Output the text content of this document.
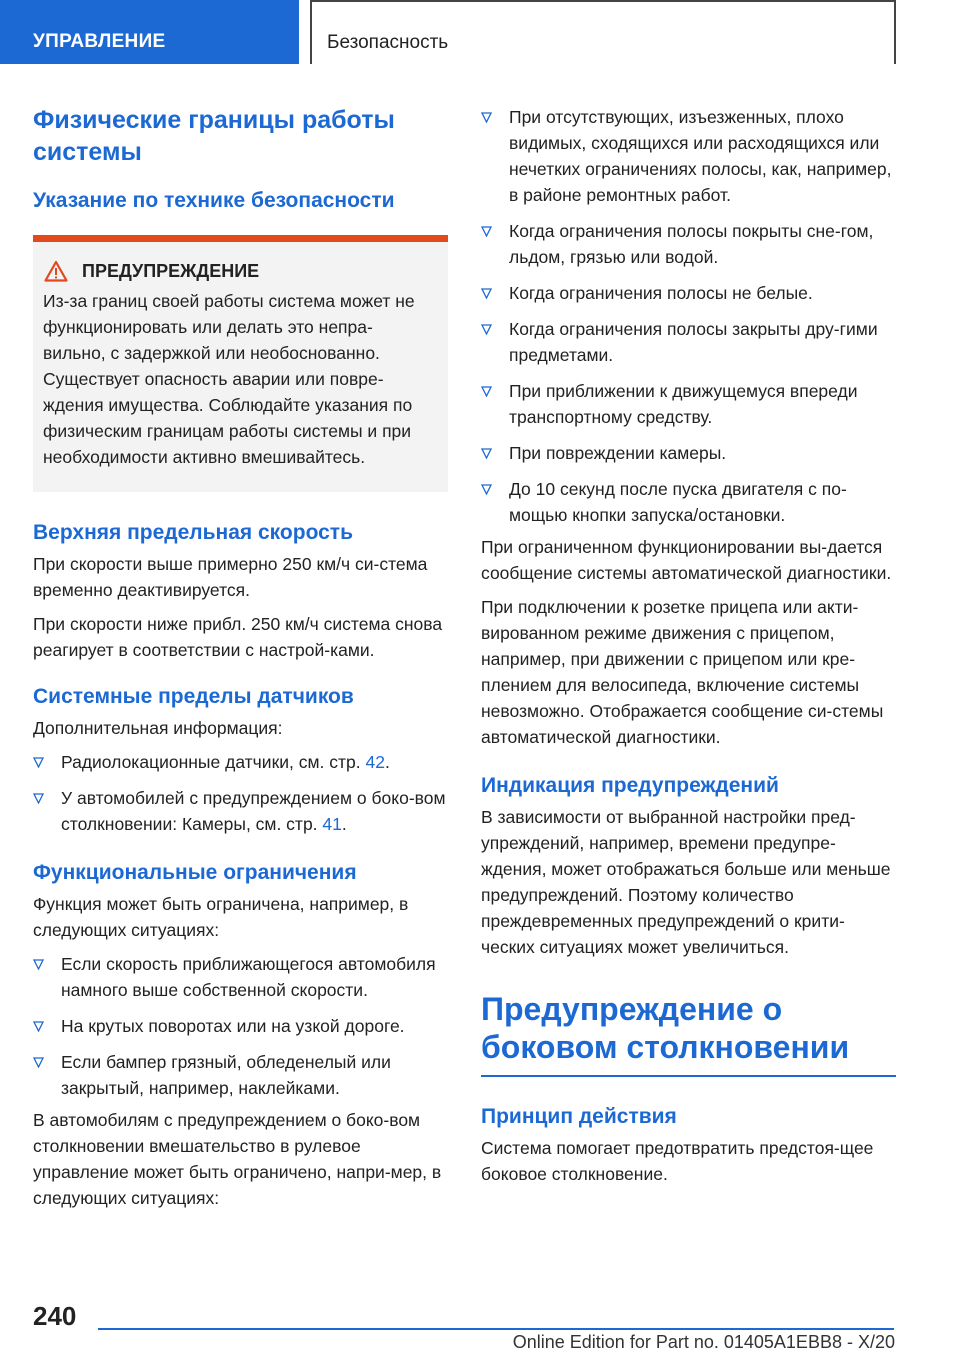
УПРАВЛЕНИЕ	Безопасность
Физические границы работы системы
Указание по технике безопасности
ПРЕДУПРЕЖДЕНИЕ

Из-за границ своей работы система может не функционировать или делать это непра-вильно, с задержкой или необоснованно. Существует опасность аварии или повре-ждения имущества. Соблюдайте указания по физическим границам работы системы и при необходимости активно вмешивайтесь.

Верхняя предельная скорость

При скорости выше примерно 250 км/ч си-стема временно деактивируется.

При скорости ниже прибл. 250 км/ч система снова реагирует в соответствии с настрой-ками.

Системные пределы датчиков

Дополнительная информация:

Радиолокационные датчики, см. стр. 42.
У автомобилей с предупреждением о боко-вом столкновении: Камеры, см. стр. 41.
Функциональные ограничения

Функция может быть ограничена, например, в следующих ситуациях:

Если скорость приближающегося автомобиля намного выше собственной скорости.
На крутых поворотах или на узкой дороге.
Если бампер грязный, обледенелый или закрытый, например, наклейками.

В автомобилям с предупреждением о боко-вом столкновении вмешательство в рулевое управление может быть ограничено, напри-мер, в следующих ситуациях:

При отсутствующих, изъезженных, плохо видимых, сходящихся или расходящихся или нечетких ограничениях полосы, как, например, в районе ремонтных работ.
Когда ограничения полосы покрыты сне-гом, льдом, грязью или водой.
Когда ограничения полосы не белые.
Когда ограничения полосы закрыты дру-гими предметами.
При приближении к движущемуся впереди транспортному средству.
При повреждении камеры.
До 10 секунд после пуска двигателя с по-мощью кнопки запуска/остановки.

При ограниченном функционировании вы-дается сообщение системы автоматической диагностики.

При подключении к розетке прицепа или акти-вированном режиме движения с прицепом, например, при движении с прицепом или кре-плением для велосипеда, включение системы невозможно. Отображается сообщение си-стемы автоматической диагностики.

Индикация предупреждений

В зависимости от выбранной настройки пред-упреждений, например, времени предупре-ждения, может отображаться больше или меньше предупреждений. Поэтому количество преждевременных предупреждений о крити-ческих ситуациях может увеличиться.

Предупреждение о боковом столкновении
Принцип действия

Система помогает предотвратить предстоя-щее боковое столкновение.

240
Online Edition for Part no. 01405A1EBB8 - X/20
